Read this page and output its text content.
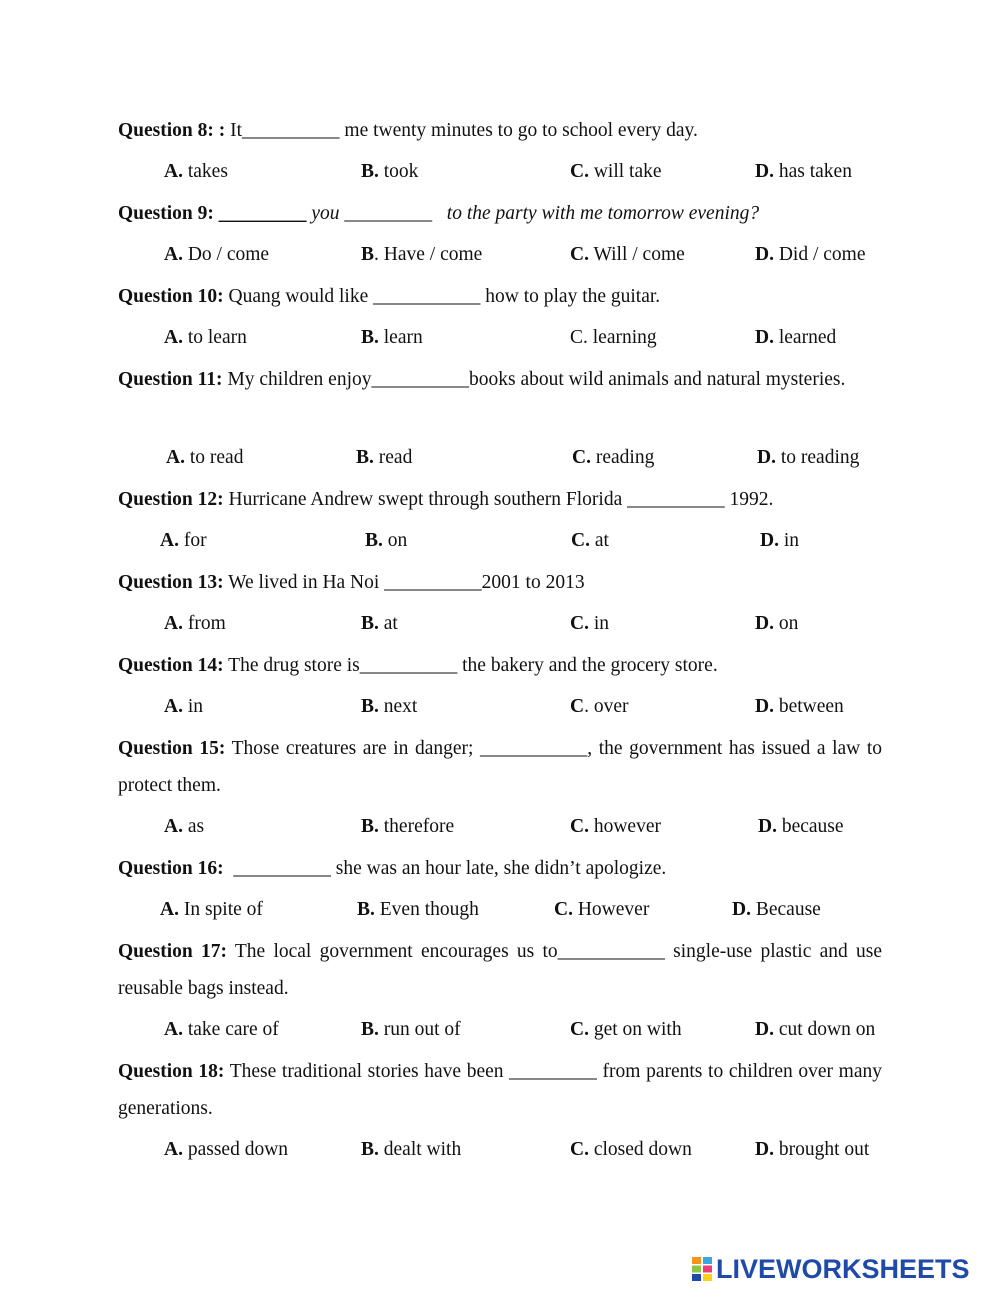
Question 8: : It__________ me twenty minutes to go to school every day.
A. takes	B. took	C. will take	D. has taken
Question 9: _________ you _________   to the party with me tomorrow evening?
A. Do / come	B. Have / come	C. Will / come	D. Did / come
Question 10: Quang would like ___________ how to play the guitar.
A. to learn	B. learn	C. learning	D. learned
Question 11: My children enjoy__________books about wild animals and natural mysteries.
A. to read	B. read	C. reading	D. to reading
Question 12: Hurricane Andrew swept through southern Florida __________ 1992.
A. for	B. on	C. at	D. in
Question 13: We lived in Ha Noi __________2001 to 2013
A. from	B. at	C. in	D. on
Question 14: The drug store is__________ the bakery and the grocery store.
A. in	B. next	C. over	D. between
Question 15: Those creatures are in danger; ___________, the government has issued a law to protect them.
A. as	B. therefore	C. however	D. because
Question 16:  __________ she was an hour late, she didn’t apologize.
A. In spite of	B. Even though	C. However	D. Because
Question 17: The local government encourages us to___________ single-use plastic and use reusable bags instead.
A. take care of	B. run out of	C. get on with	D. cut down on
Question 18: These traditional stories have been _________ from parents to children over many generations.
A. passed down	B. dealt with	C. closed down	D. brought out
LIVEWORKSHEETS
